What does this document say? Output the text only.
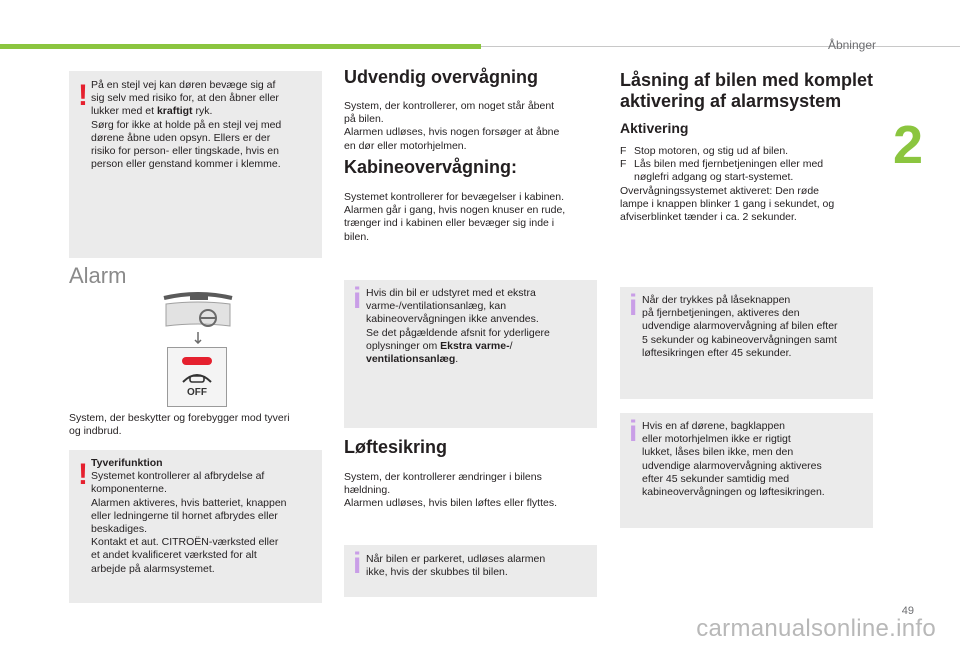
Åbninger
2
! På en stejl vej kan døren bevæge sig af
sig selv med risiko for, at den åbner eller
lukker med et kraftigt ryk.
Sørg for ikke at holde på en stejl vej med
dørene åbne uden opsyn. Ellers er der
risiko for person- eller tingskade, hvis en
person eller genstand kommer i klemme.
Alarm
OFF
System, der beskytter og forebygger mod tyveri
og indbrud.
! Tyverifunktion
Systemet kontrollerer al afbrydelse af
komponenterne.
Alarmen aktiveres, hvis batteriet, knappen
eller ledningerne til hornet afbrydes eller
beskadiges.
Kontakt et aut. CITROËN-værksted eller
et andet kvalificeret værksted for alt
arbejde på alarmsystemet.
Udvendig overvågning
System, der kontrollerer, om noget står åbent
på bilen.
Alarmen udløses, hvis nogen forsøger at åbne
en dør eller motorhjelmen.
Kabineovervågning:
Systemet kontrollerer for bevægelser i kabinen.
Alarmen går i gang, hvis nogen knuser en rude,
trænger ind i kabinen eller bevæger sig inde i
bilen.
i Hvis din bil er udstyret med et ekstra
varme-/ventilationsanlæg, kan
kabineovervågningen ikke anvendes.
Se det pågældende afsnit for yderligere
oplysninger om Ekstra varme-/
ventilationsanlæg.
Løftesikring
System, der kontrollerer ændringer i bilens
hældning.
Alarmen udløses, hvis bilen løftes eller flyttes.
i Når bilen er parkeret, udløses alarmen
ikke, hvis der skubbes til bilen.
Låsning af bilen med komplet
aktivering af alarmsystem
Aktivering
F Stop motoren, og stig ud af bilen.
F Lås bilen med fjernbetjeningen eller med
nøglefri adgang og start-systemet.
Overvågningssystemet aktiveret: Den røde
lampe i knappen blinker 1 gang i sekundet, og
afviserblinket tænder i ca. 2 sekunder.
i Når der trykkes på låseknappen
på fjernbetjeningen, aktiveres den
udvendige alarmovervågning af bilen efter
5 sekunder og kabineovervågningen samt
løftesikringen efter 45 sekunder.
i Hvis en af dørene, bagklappen
eller motorhjelmen ikke er rigtigt
lukket, låses bilen ikke, men den
udvendige alarmovervågning aktiveres
efter 45 sekunder samtidig med
kabineovervågningen og løftesikringen.
49
carmanualsonline.info
